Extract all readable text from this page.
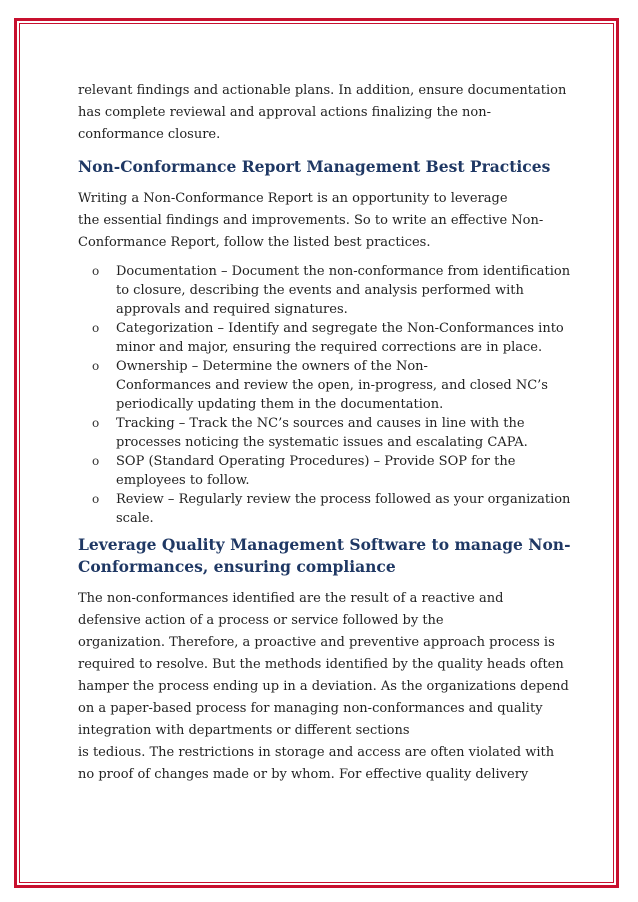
relevant findings and actionable plans. In addition, ensure documentation
has complete reviewal and approval actions finalizing the non-
conformance closure.

Non-Conformance Report Management Best Practices

Writing a Non-Conformance Report is an opportunity to leverage
the essential findings and improvements. So to write an effective Non-
Conformance Report, follow the listed best practices.

o Documentation – Document the non-conformance from identification
to closure, describing the events and analysis performed with
approvals and required signatures.
o Categorization – Identify and segregate the Non-Conformances into
minor and major, ensuring the required corrections are in place.
o Ownership – Determine the owners of the Non-
Conformances and review the open, in-progress, and closed NC’s
periodically updating them in the documentation.
o Tracking – Track the NC’s sources and causes in line with the
processes noticing the systematic issues and escalating CAPA.
o SOP (Standard Operating Procedures) – Provide SOP for the
employees to follow.
o Review – Regularly review the process followed as your organization
scale.
Leverage Quality Management Software to manage Non-
Conformances, ensuring compliance

The non-conformances identified are the result of a reactive and
defensive action of a process or service followed by the
organization. Therefore, a proactive and preventive approach process is
required to resolve. But the methods identified by the quality heads often
hamper the process ending up in a deviation. As the organizations depend
on a paper-based process for managing non-conformances and quality
integration with departments or different sections
is tedious. The restrictions in storage and access are often violated with
no proof of changes made or by whom. For effective quality delivery
